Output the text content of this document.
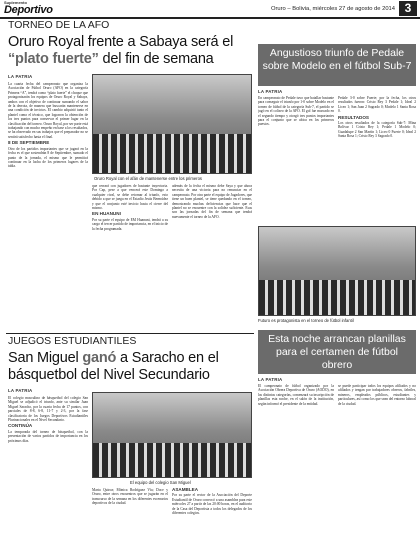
Suplemento
Deportivo	Oruro – Bolivia, miércoles 27 de agosto de 2014 3
TORNEO DE LA AFO
Oruro Royal frente a Sabaya será el “plato fuerte” del fin de semana
LA PATRIA

La cuarta fecha del campeonato que organiza la Asociación de Fútbol Oruro (AFO) en la categoría Primera “A”, tendrá como “plato fuerte” el choque que protagonizarán los equipos de Oruro Royal y Sabaya, ambos con el objetivo de continuar sumando el sabor de la derrota, de manera que buscarán mantenerse en una condición de invictos. El cambio adquirió tanto el plantel como el técnico, que lograron la obtención de los tres puntos para conservar el primer lugar en la clasificación del torneo. Oruro Royal, por ser parte está trabajando con mucho empeño en base a los resultados, se ha observado en sus trabajos que el preparador no se sentirá satisfecho hasta el final.

8 DE SEPTIEMBRE

Otro de los partidos importantes que se jugará en la fecha es el que sostendrán 8 de Septiembre, sumado el punto de la jornada, el mismo que le permitirá continuar en la lucha de los primeros lugares de la tabla.

Oruro Royal con el afán de mantenerse entre los primeros

que cerrará con jugadores de bastante trayectoria. Por Cap, pese a que vencerá este Domingo a cualquier rival, se debe retornar al triunfo, esto debido a que se juega en el Estadio Jesús Bermúdez y que el conjunto esté invicto hasta el cierre del mismo.

EN HUANUNI

Por su parte el equipo de EM Huanuni, tendrá a su cargo el tercer partido de importancia, en el inicio de la fecha programada.

además de la fecha el mismo debe Saya y que ahora necesita de una victoria para no renunciar en el campeonato. Por otra parte el equipo de Jugadores, que tiene un buen plantel, se tiene quedando en el torneo, demostrando muchas deficiencias que hace que el plantel no se encuentre con la solidez suficiente. Esas son las jornadas del fin de semana que tendrá nuevamente el torneo de la AFO.

Angustioso triunfo de Pedale sobre Modelo en el fútbol Sub-7
LA PATRIA

En campeonato de Pedale tuvo que batallar bastante para conseguir el triunfo por 1-0 sobre Modelo en el torneo de fútbol de la categoría Sub-7, el partido se jugó en el coliseo de la AFO. El gol fue marcado en el segundo tiempo y otorgó tres puntos importantes para el conjunto que se ubica en los primeros puestos.

Pedale 3-0 sobre Fuerte; por la fecha, los otros resultados fueron: Cristo Rey 3 Pedale 1; Ideal 2 Liceo 1; San Juan 2 Sagrado 0; Modelo 1 Santa Rosa 0.

RESULTADOS

Los otros resultados de la categoría Sub-7: Mina Bolívar 1 Cristo Rey 1; Pedale 1 Modelo 0; Guadalupe 2 San Martín 1; Liceo 0 Fuerte 0; Ideal 2 Santa Rosa 1; Cristo Rey 3 Sagrado 0.

Futuro es protagonista en el torneo de fútbol infantil
JUEGOS ESTUDIANTILES
San Miguel ganó a Saracho en el básquetbol del Nivel Secundario
LA PATRIA

El colegio masculino de básquetbol del colegio San Miguel se adjudicó el triunfo, ante su similar Juan Miguel Saracho, por la cuarta fecha de 17 puntos, con parciales de 8-8, 6-8, 11-7 y 2-3, por la fase clasificatoria de los Juegos Deportivos Estudiantiles Plurinacionales en el Nivel Secundario.

CONTINÚA

La temporada del torneo de básquetbol, con la presentación de varios partidos de importancia en los próximos días.

El equipo del colegio San Miguel

Marta Quiroz; Mónica Rodríguez Vía; Doce y Oruro, entre otros encuentros que se jugarán en el transcurso de la semana en los diferentes escenarios deportivos de la ciudad.

ASAMBLEA

Por su parte el rector de la Asociación del Deporte Estudiantil de Oruro convocó a una asamblea para este miércoles 27 a partir de las 20:00 horas, en el auditorio de la Casa del Deportista a todos los delegados de los diferentes colegios.

Esta noche arrancan planillas para el certamen de fútbol obrero
LA PATRIA

El campeonato de fútbol organizado por la Asociación Obrera Deportiva de Oruro (AODO), en las distintas categorías, comenzará su inscripción de planillas esta noche, en el salón de la institución, según informó el presidente de la entidad.

se puede participar todos los equipos afiliados y no afiliados y tengan por trabajadores obreros, fabriles, mineros, empleados públicos, estudiantes y particulares, así como los que sean del entorno laboral de la ciudad.
